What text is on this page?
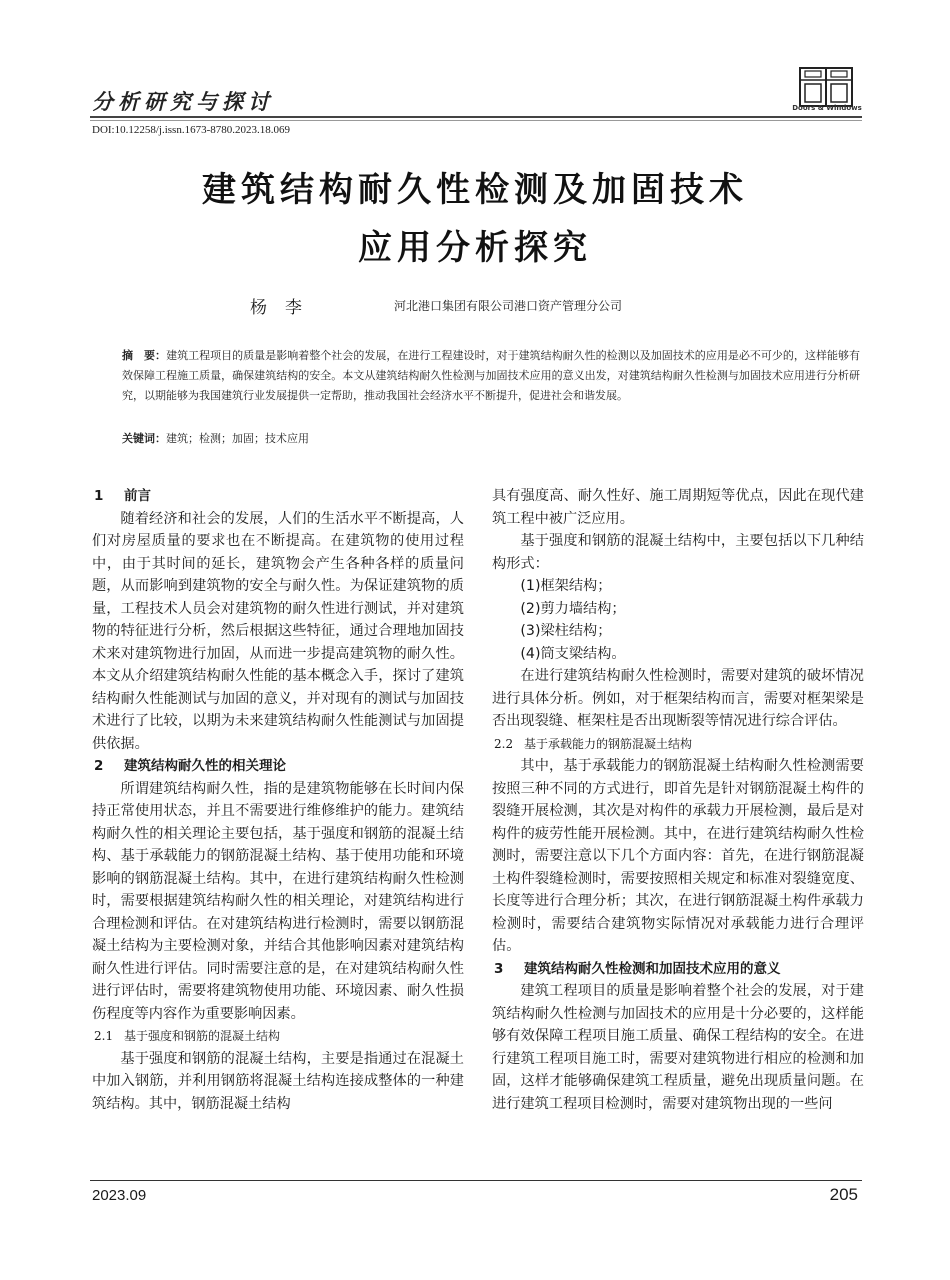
分析研究与探讨	Doors & Windows
DOI:10.12258/j.issn.1673-8780.2023.18.069
建筑结构耐久性检测及加固技术
应用分析探究
杨李	河北港口集团有限公司港口资产管理分公司
摘　要：建筑工程项目的质量是影响着整个社会的发展，在进行工程建设时，对于建筑结构耐久性的检测以及加固技术的应用是必不可少的，这样能够有效保障工程施工质量，确保建筑结构的安全。本文从建筑结构耐久性检测与加固技术应用的意义出发，对建筑结构耐久性检测与加固技术应用进行分析研究，以期能够为我国建筑行业发展提供一定帮助，推动我国社会经济水平不断提升，促进社会和谐发展。
关键词：建筑；检测；加固；技术应用
1 前言

随着经济和社会的发展，人们的生活水平不断提高，人们对房屋质量的要求也在不断提高。在建筑物的使用过程中，由于其时间的延长，建筑物会产生各种各样的质量问题，从而影响到建筑物的安全与耐久性。为保证建筑物的质量，工程技术人员会对建筑物的耐久性进行测试，并对建筑物的特征进行分析，然后根据这些特征，通过合理地加固技术来对建筑物进行加固，从而进一步提高建筑物的耐久性。本文从介绍建筑结构耐久性能的基本概念入手，探讨了建筑结构耐久性能测试与加固的意义，并对现有的测试与加固技术进行了比较，以期为未来建筑结构耐久性能测试与加固提供依据。

2 建筑结构耐久性的相关理论

所谓建筑结构耐久性，指的是建筑物能够在长时间内保持正常使用状态，并且不需要进行维修维护的能力。建筑结构耐久性的相关理论主要包括，基于强度和钢筋的混凝土结构、基于承载能力的钢筋混凝土结构、基于使用功能和环境影响的钢筋混凝土结构。其中，在进行建筑结构耐久性检测时，需要根据建筑结构耐久性的相关理论，对建筑结构进行合理检测和评估。在对建筑结构进行检测时，需要以钢筋混凝土结构为主要检测对象，并结合其他影响因素对建筑结构耐久性进行评估。同时需要注意的是，在对建筑结构耐久性进行评估时，需要将建筑物使用功能、环境因素、耐久性损伤程度等内容作为重要影响因素。

2.1 基于强度和钢筋的混凝土结构

基于强度和钢筋的混凝土结构，主要是指通过在混凝土中加入钢筋，并利用钢筋将混凝土结构连接成整体的一种建筑结构。其中，钢筋混凝土结构

具有强度高、耐久性好、施工周期短等优点，因此在现代建筑工程中被广泛应用。

基于强度和钢筋的混凝土结构中，主要包括以下几种结构形式：

(1)框架结构；

(2)剪力墙结构；

(3)梁柱结构；

(4)筒支梁结构。

在进行建筑结构耐久性检测时，需要对建筑的破坏情况进行具体分析。例如，对于框架结构而言，需要对框架梁是否出现裂缝、框架柱是否出现断裂等情况进行综合评估。

2.2 基于承载能力的钢筋混凝土结构

其中，基于承载能力的钢筋混凝土结构耐久性检测需要按照三种不同的方式进行，即首先是针对钢筋混凝土构件的裂缝开展检测，其次是对构件的承载力开展检测，最后是对构件的疲劳性能开展检测。其中，在进行建筑结构耐久性检测时，需要注意以下几个方面内容：首先，在进行钢筋混凝土构件裂缝检测时，需要按照相关规定和标准对裂缝宽度、长度等进行合理分析；其次，在进行钢筋混凝土构件承载力检测时，需要结合建筑物实际情况对承载能力进行合理评估。

3 建筑结构耐久性检测和加固技术应用的意义

建筑工程项目的质量是影响着整个社会的发展，对于建筑结构耐久性检测与加固技术的应用是十分必要的，这样能够有效保障工程项目施工质量、确保工程结构的安全。在进行建筑工程项目施工时，需要对建筑物进行相应的检测和加固，这样才能够确保建筑工程质量，避免出现质量问题。在进行建筑工程项目检测时，需要对建筑物出现的一些问

2023.09	205
